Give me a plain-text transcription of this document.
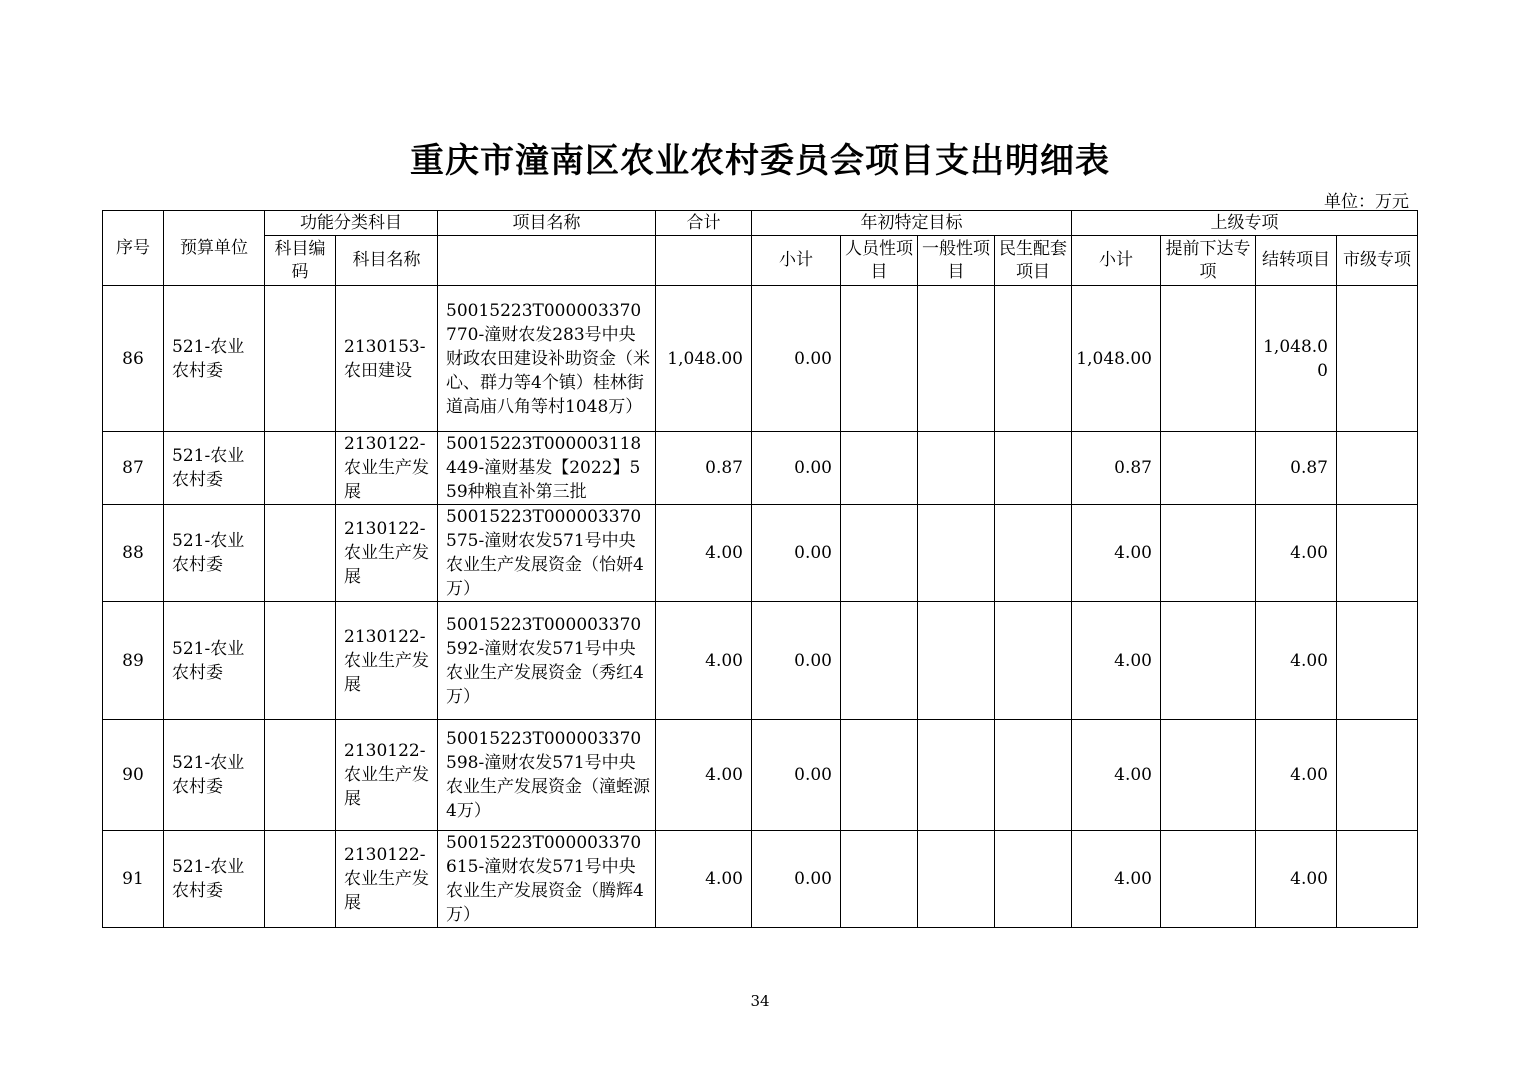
重庆市潼南区农业农村委员会项目支出明细表
单位：万元
序号	预算单位	功能分类科目		项目名称	合计	年初特定目标				上级专项			
		科目编码	科目名称			小计	人员性项目	一般性项目	民生配套项目	小计	提前下达专项	结转项目	市级专项
86	521-农业农村委		2130153-农田建设	50015223T000003370770-潼财农发283号中央财政农田建设补助资金（米心、群力等4个镇）桂林街道高庙八角等村1048万）	1,048.00	0.00				1,048.00		1,048.00	
87	521-农业农村委		2130122-农业生产发展	50015223T000003118449-潼财基发【2022】559种粮直补第三批	0.87	0.00				0.87		0.87	
88	521-农业农村委		2130122-农业生产发展	50015223T000003370575-潼财农发571号中央农业生产发展资金（怡妍4万）	4.00	0.00				4.00		4.00	
89	521-农业农村委		2130122-农业生产发展	50015223T000003370592-潼财农发571号中央农业生产发展资金（秀红4万）	4.00	0.00				4.00		4.00	
90	521-农业农村委		2130122-农业生产发展	50015223T000003370598-潼财农发571号中央农业生产发展资金（潼蛭源4万）	4.00	0.00				4.00		4.00	
91	521-农业农村委		2130122-农业生产发展	50015223T000003370615-潼财农发571号中央农业生产发展资金（腾辉4万）	4.00	0.00				4.00		4.00	
34
